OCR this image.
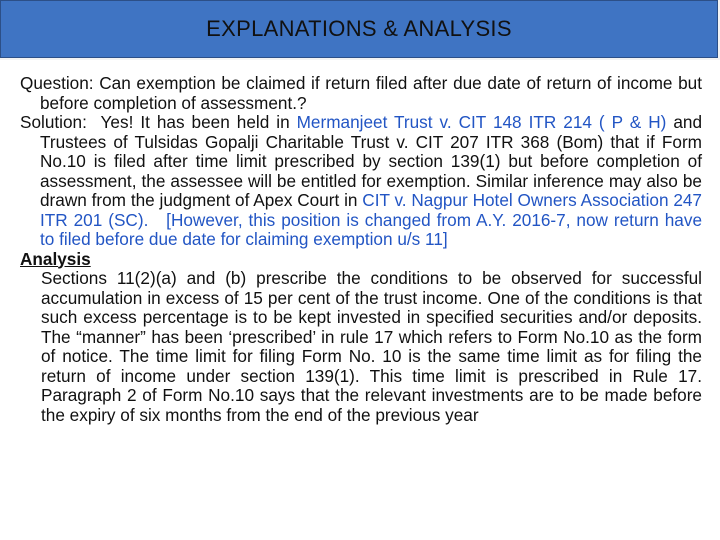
EXPLANATIONS & ANALYSIS

Question: Can exemption be claimed if return filed after due date of return of income but before completion of assessment.?

Solution: Yes! It has been held in Mermanjeet Trust v. CIT 148 ITR 214 ( P & H) and Trustees of Tulsidas Gopalji Charitable Trust v. CIT 207 ITR 368 (Bom) that if Form No.10 is filed after time limit prescribed by section 139(1) but before completion of assessment, the assessee will be entitled for exemption. Similar inference may also be drawn from the judgment of Apex Court in CIT v. Nagpur Hotel Owners Association 247 ITR 201 (SC). [However, this position is changed from A.Y. 2016-7, now return have to filed before due date for claiming exemption u/s 11]

Analysis

Sections 11(2)(a) and (b) prescribe the conditions to be observed for successful accumulation in excess of 15 per cent of the trust income. One of the conditions is that such excess percentage is to be kept invested in specified securities and/or deposits. The “manner” has been ‘prescribed’ in rule 17 which refers to Form No.10 as the form of notice. The time limit for filing Form No. 10 is the same time limit as for filing the return of income under section 139(1). This time limit is prescribed in Rule 17. Paragraph 2 of Form No.10 says that the relevant investments are to be made before the expiry of six months from the end of the previous year
